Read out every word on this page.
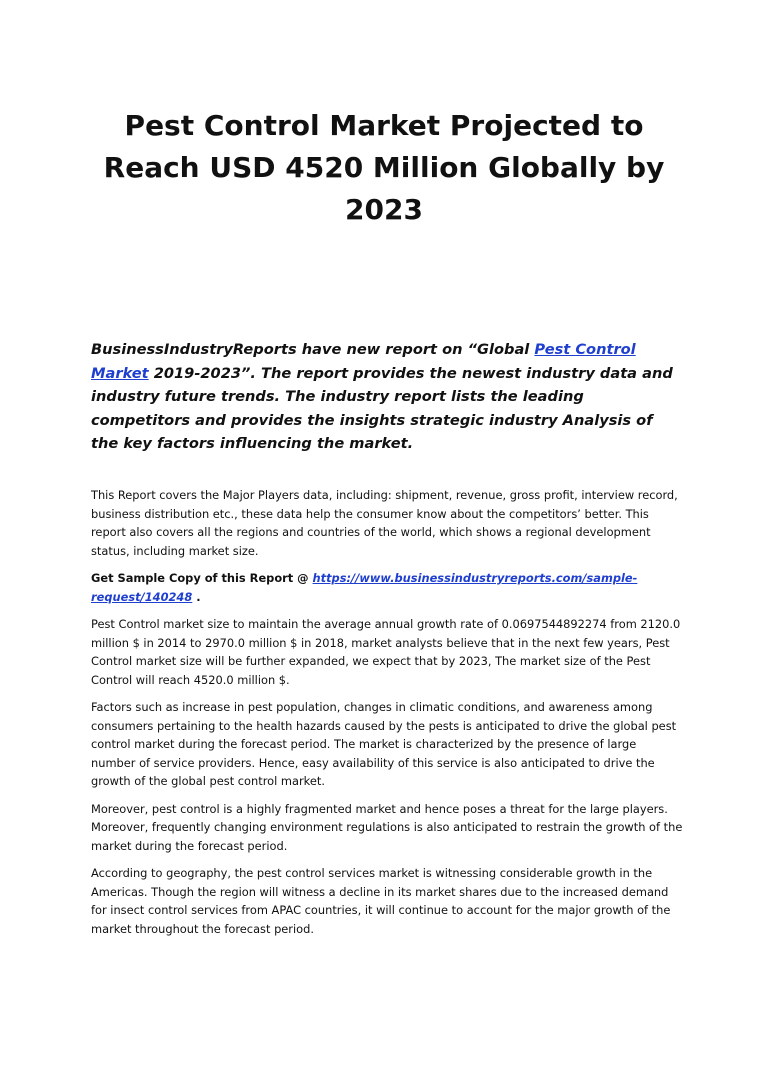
Pest Control Market Projected to Reach USD 4520 Million Globally by 2023

BusinessIndustryReports have new report on “Global Pest Control Market 2019-2023”. The report provides the newest industry data and industry future trends. The industry report lists the leading competitors and provides the insights strategic industry Analysis of the key factors influencing the market.

This Report covers the Major Players data, including: shipment, revenue, gross profit, interview record, business distribution etc., these data help the consumer know about the competitors’ better. This report also covers all the regions and countries of the world, which shows a regional development status, including market size.

Get Sample Copy of this Report @ https://www.businessindustryreports.com/sample-request/140248 .

Pest Control market size to maintain the average annual growth rate of 0.0697544892274 from 2120.0 million $ in 2014 to 2970.0 million $ in 2018, market analysts believe that in the next few years, Pest Control market size will be further expanded, we expect that by 2023, The market size of the Pest Control will reach 4520.0 million $.

Factors such as increase in pest population, changes in climatic conditions, and awareness among consumers pertaining to the health hazards caused by the pests is anticipated to drive the global pest control market during the forecast period. The market is characterized by the presence of large number of service providers. Hence, easy availability of this service is also anticipated to drive the growth of the global pest control market.

Moreover, pest control is a highly fragmented market and hence poses a threat for the large players. Moreover, frequently changing environment regulations is also anticipated to restrain the growth of the market during the forecast period.

According to geography, the pest control services market is witnessing considerable growth in the Americas. Though the region will witness a decline in its market shares due to the increased demand for insect control services from APAC countries, it will continue to account for the major growth of the market throughout the forecast period.
